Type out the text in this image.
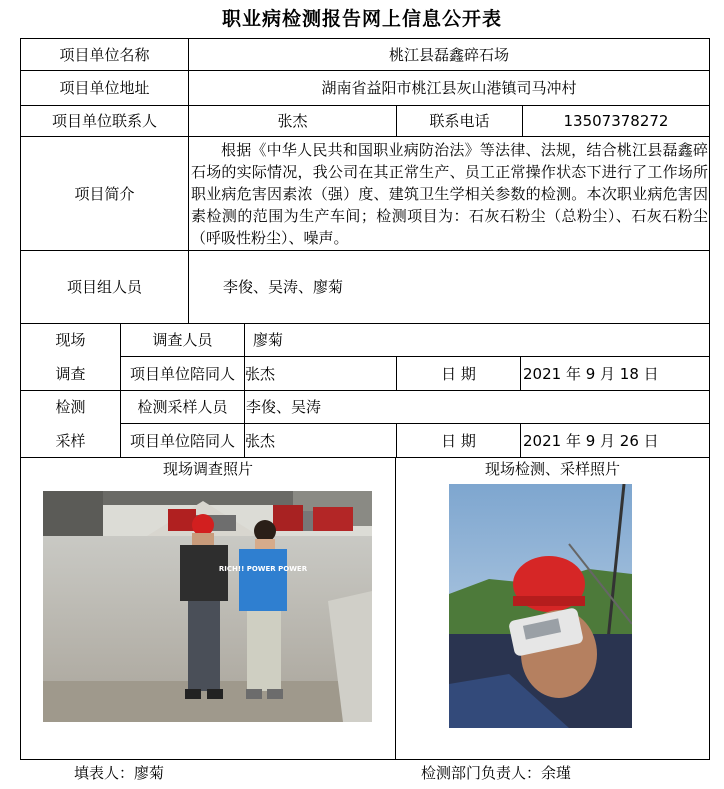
职业病检测报告网上信息公开表
项目单位名称	桃江县磊鑫碎石场
项目单位地址	湖南省益阳市桃江县灰山港镇司马冲村
项目单位联系人	张杰	联系电话	13507378272
项目简介
根据《中华人民共和国职业病防治法》等法律、法规，结合桃江县磊鑫碎石场的实际情况，我公司在其正常生产、员工正常操作状态下进行了工作场所职业病危害因素浓（强）度、建筑卫生学相关参数的检测。本次职业病危害因素检测的范围为生产车间；检测项目为：石灰石粉尘（总粉尘）、石灰石粉尘（呼吸性粉尘）、噪声。
项目组人员	李俊、吴涛、廖菊
现场
调查
调查人员	廖菊
项目单位陪同人 张杰	日 期	2021 年 9 月 18 日
检测
采样
检测采样人员	李俊、吴涛
项目单位陪同人 张杰	日 期	2021 年 9 月 26 日
现场调查照片	现场检测、采样照片
RICH!! POWER POWER
填表人：廖菊	检测部门负责人：余瑾
